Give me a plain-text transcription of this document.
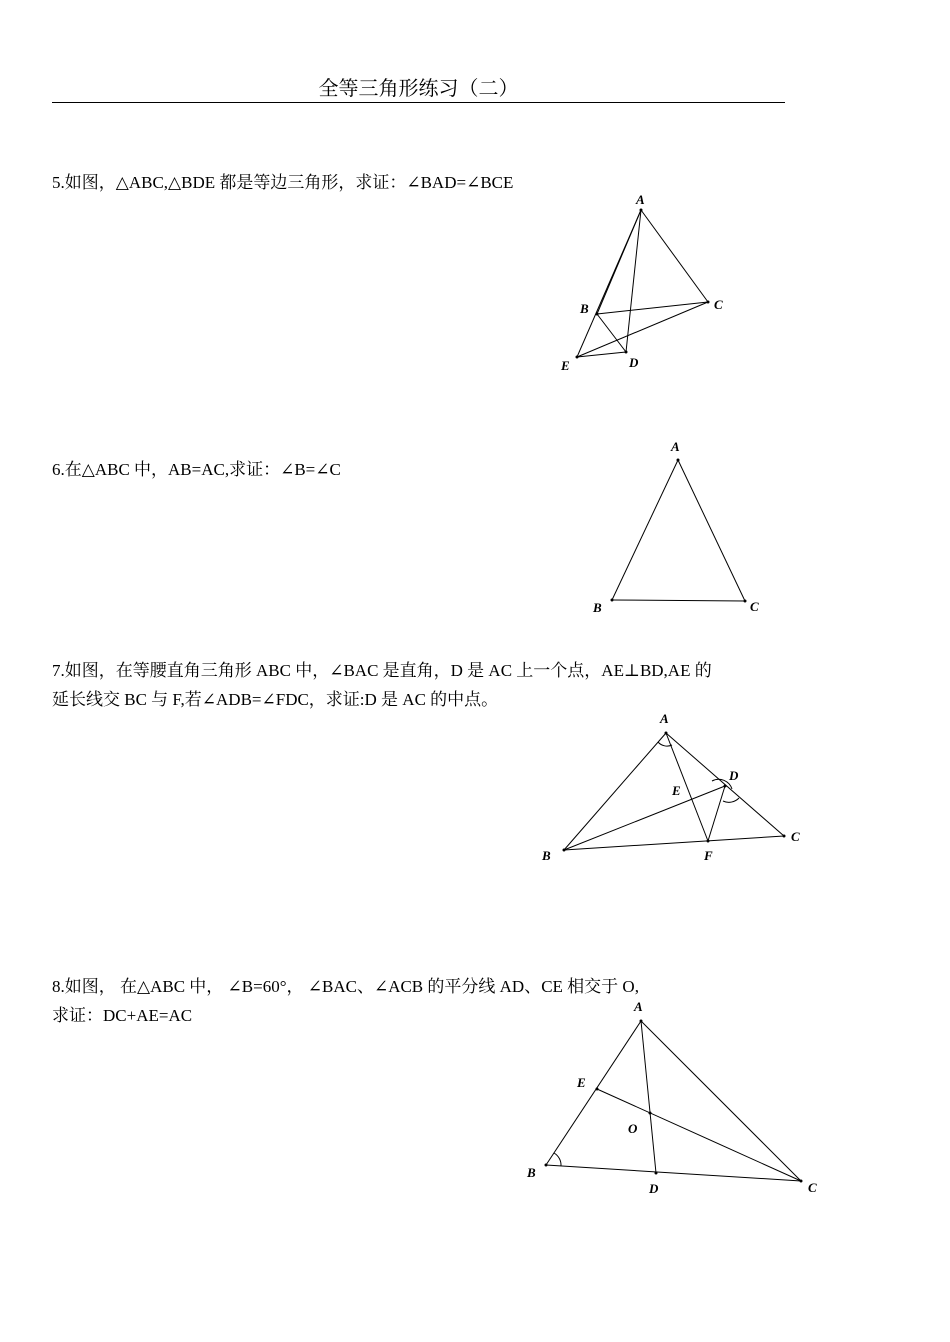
全等三角形练习（二）
5.如图，△ABC,△BDE 都是等边三角形，求证：∠BAD=∠BCE
A
C
B
E	D
6.在△ABC 中，AB=AC,求证：∠B=∠C
A
B	C
7.如图，在等腰直角三角形 ABC 中，∠BAC 是直角，D 是 AC 上一个点，AE⊥BD,AE 的
延长线交 BC 与 F,若∠ADB=∠FDC，求证:D 是 AC 的中点。
A
D
E
C
B	F
8.如图， 在△ABC 中， ∠B=60°， ∠BAC、∠ACB 的平分线 AD、CE 相交于 O,
求证：DC+AE=AC	A
E
O
B
D	C
